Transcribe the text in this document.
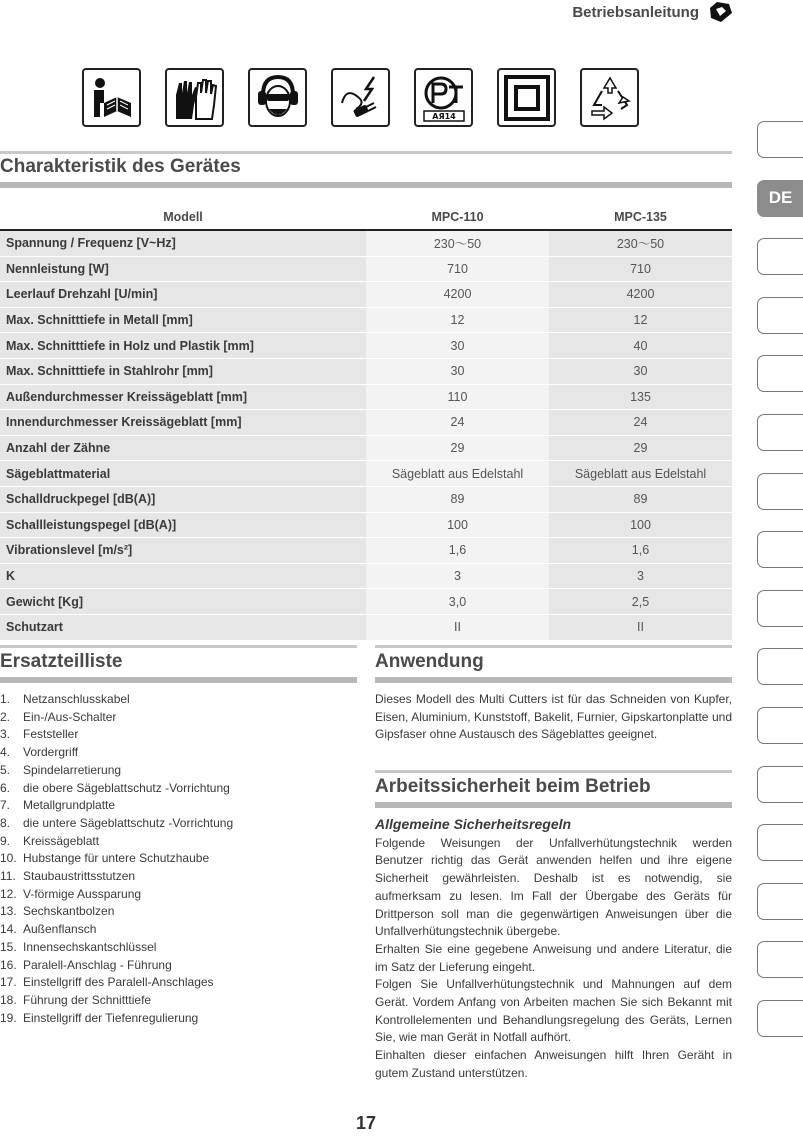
Betriebsanleitung
АЯ14
Charakteristik des Gerätes
Modell	MPC-110	MPC-135
Spannung / Frequenz [V~Hz]	230～50	230～50
Nennleistung [W]	710	710
Leerlauf Drehzahl [U/min]	4200	4200
Max. Schnitttiefe in Metall [mm]	12	12
Max. Schnitttiefe in Holz und Plastik [mm]	30	40
Max. Schnitttiefe in Stahlrohr [mm]	30	30
Außendurchmesser Kreissägeblatt [mm]	110	135
Innendurchmesser Kreissägeblatt [mm]	24	24
Anzahl der Zähne	29	29
Sägeblattmaterial	Sägeblatt aus Edelstahl	Sägeblatt aus Edelstahl
Schalldruckpegel [dB(A)]	89	89
Schallleistungspegel [dB(A)]	100	100
Vibrationslevel [m/s²]	1,6	1,6
K	3	3
Gewicht [Kg]	3,0	2,5
Schutzart	II	II
Ersatzteilliste
1.	Netzanschlusskabel
2.	Ein-/Aus-Schalter
3.	Feststeller
4.	Vordergriff
5.	Spindelarretierung
6.	die obere Sägeblattschutz -Vorrichtung
7.	Metallgrundplatte
8.	die untere Sägeblattschutz -Vorrichtung
9.	Kreissägeblatt
10. Hubstange für untere Schutzhaube
11. Staubaustrittsstutzen
12. V-förmige Aussparung
13. Sechskantbolzen
14. Außenflansch
15. Innensechskantschlüssel
16. Paralell-Anschlag - Führung
17. Einstellgriff des Paralell-Anschlages
18. Führung der Schnitttiefe
19. Einstellgriff der Tiefenregulierung
Anwendung
Dieses Modell des Multi Cutters ist für das Schneiden von Kupfer, Eisen, Aluminium, Kunststoff, Bakelit, Furnier, Gipskartonplatte und Gipsfaser ohne Austausch des Sägeblattes geeignet.
Arbeitssicherheit beim Betrieb
Allgemeine Sicherheitsregeln
Folgende Weisungen der Unfallverhütungstechnik werden Benutzer richtig das Gerät anwenden helfen und ihre eigene Sicherheit gewährleisten. Deshalb ist es notwendig, sie aufmerksam zu lesen. Im Fall der Übergabe des Geräts für Drittperson soll man die gegenwärtigen Anweisungen über die Unfallverhütungstechnik übergebe.
Erhalten Sie eine gegebene Anweisung und andere Literatur, die im Satz der Lieferung eingeht.
Folgen Sie Unfallverhütungstechnik und Mahnungen auf dem Gerät. Vordem Anfang von Arbeiten machen Sie sich Bekannt mit Kontrollelementen und Behandlungsregelung des Geräts, Lernen Sie, wie man Gerät in Notfall aufhört.
Einhalten dieser einfachen Anweisungen hilft Ihren Geräht in gutem Zustand unterstützen.
DE
17
